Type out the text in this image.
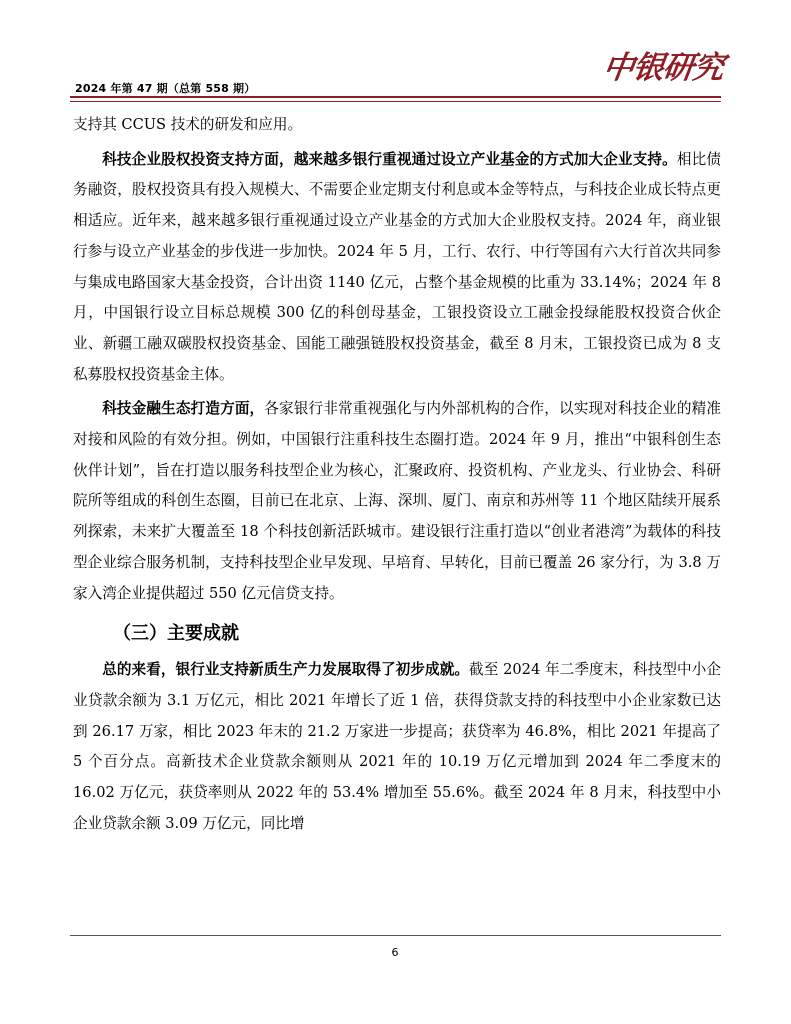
2024 年第 47 期（总第 558 期）
中银研究

支持其 CCUS 技术的研发和应用。

科技企业股权投资支持方面，越来越多银行重视通过设立产业基金的方式加大企业支持。相比债务融资，股权投资具有投入规模大、不需要企业定期支付利息或本金等特点，与科技企业成长特点更相适应。近年来，越来越多银行重视通过设立产业基金的方式加大企业股权支持。2024 年，商业银行参与设立产业基金的步伐进一步加快。2024 年 5 月，工行、农行、中行等国有六大行首次共同参与集成电路国家大基金投资，合计出资 1140 亿元，占整个基金规模的比重为 33.14%；2024 年 8 月，中国银行设立目标总规模 300 亿的科创母基金，工银投资设立工融金投绿能股权投资合伙企业、新疆工融双碳股权投资基金、国能工融强链股权投资基金，截至 8 月末，工银投资已成为 8 支私募股权投资基金主体。

科技金融生态打造方面，各家银行非常重视强化与内外部机构的合作，以实现对科技企业的精准对接和风险的有效分担。例如，中国银行注重科技生态圈打造。2024 年 9 月，推出“中银科创生态伙伴计划”，旨在打造以服务科技型企业为核心，汇聚政府、投资机构、产业龙头、行业协会、科研院所等组成的科创生态圈，目前已在北京、上海、深圳、厦门、南京和苏州等 11 个地区陆续开展系列探索，未来扩大覆盖至 18 个科技创新活跃城市。建设银行注重打造以“创业者港湾”为载体的科技型企业综合服务机制，支持科技型企业早发现、早培育、早转化，目前已覆盖 26 家分行，为 3.8 万家入湾企业提供超过 550 亿元信贷支持。

（三）主要成就

总的来看，银行业支持新质生产力发展取得了初步成就。截至 2024 年二季度末，科技型中小企业贷款余额为 3.1 万亿元，相比 2021 年增长了近 1 倍，获得贷款支持的科技型中小企业家数已达到 26.17 万家，相比 2023 年末的 21.2 万家进一步提高；获贷率为 46.8%，相比 2021 年提高了 5 个百分点。高新技术企业贷款余额则从 2021 年的 10.19 万亿元增加到 2024 年二季度末的 16.02 万亿元，获贷率则从 2022 年的 53.4% 增加至 55.6%。截至 2024 年 8 月末，科技型中小企业贷款余额 3.09 万亿元，同比增

6
